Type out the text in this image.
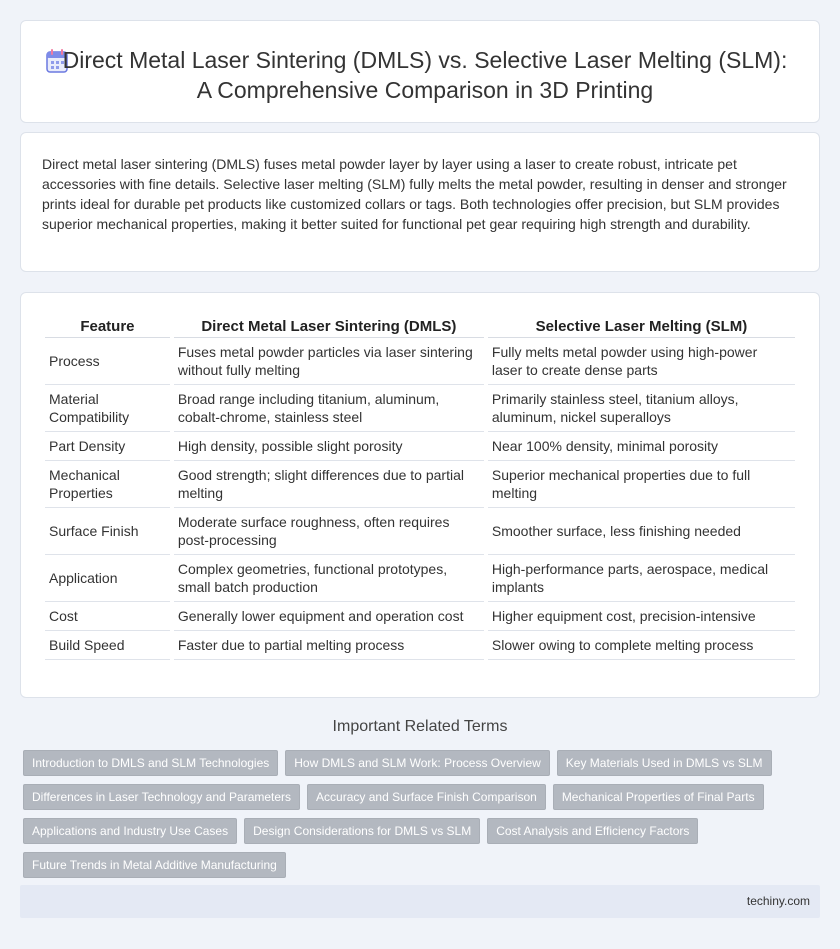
Direct Metal Laser Sintering (DMLS) vs. Selective Laser Melting (SLM): A Comprehensive Comparison in 3D Printing

Direct metal laser sintering (DMLS) fuses metal powder layer by layer using a laser to create robust, intricate pet accessories with fine details. Selective laser melting (SLM) fully melts the metal powder, resulting in denser and stronger prints ideal for durable pet products like customized collars or tags. Both technologies offer precision, but SLM provides superior mechanical properties, making it better suited for functional pet gear requiring high strength and durability.

Feature	Direct Metal Laser Sintering (DMLS)	Selective Laser Melting (SLM)
Process	Fuses metal powder particles via laser sintering without fully melting	Fully melts metal powder using high-power laser to create dense parts
Material Compatibility	Broad range including titanium, aluminum, cobalt-chrome, stainless steel	Primarily stainless steel, titanium alloys, aluminum, nickel superalloys
Part Density	High density, possible slight porosity	Near 100% density, minimal porosity
Mechanical Properties	Good strength; slight differences due to partial melting	Superior mechanical properties due to full melting
Surface Finish	Moderate surface roughness, often requires post-processing	Smoother surface, less finishing needed
Application	Complex geometries, functional prototypes, small batch production	High-performance parts, aerospace, medical implants
Cost	Generally lower equipment and operation cost	Higher equipment cost, precision-intensive
Build Speed	Faster due to partial melting process	Slower owing to complete melting process
Important Related Terms
Introduction to DMLS and SLM Technologies	How DMLS and SLM Work: Process Overview	Key Materials Used in DMLS vs SLM
Differences in Laser Technology and Parameters	Accuracy and Surface Finish Comparison	Mechanical Properties of Final Parts
Applications and Industry Use Cases	Design Considerations for DMLS vs SLM	Cost Analysis and Efficiency Factors
Future Trends in Metal Additive Manufacturing
techiny.com
